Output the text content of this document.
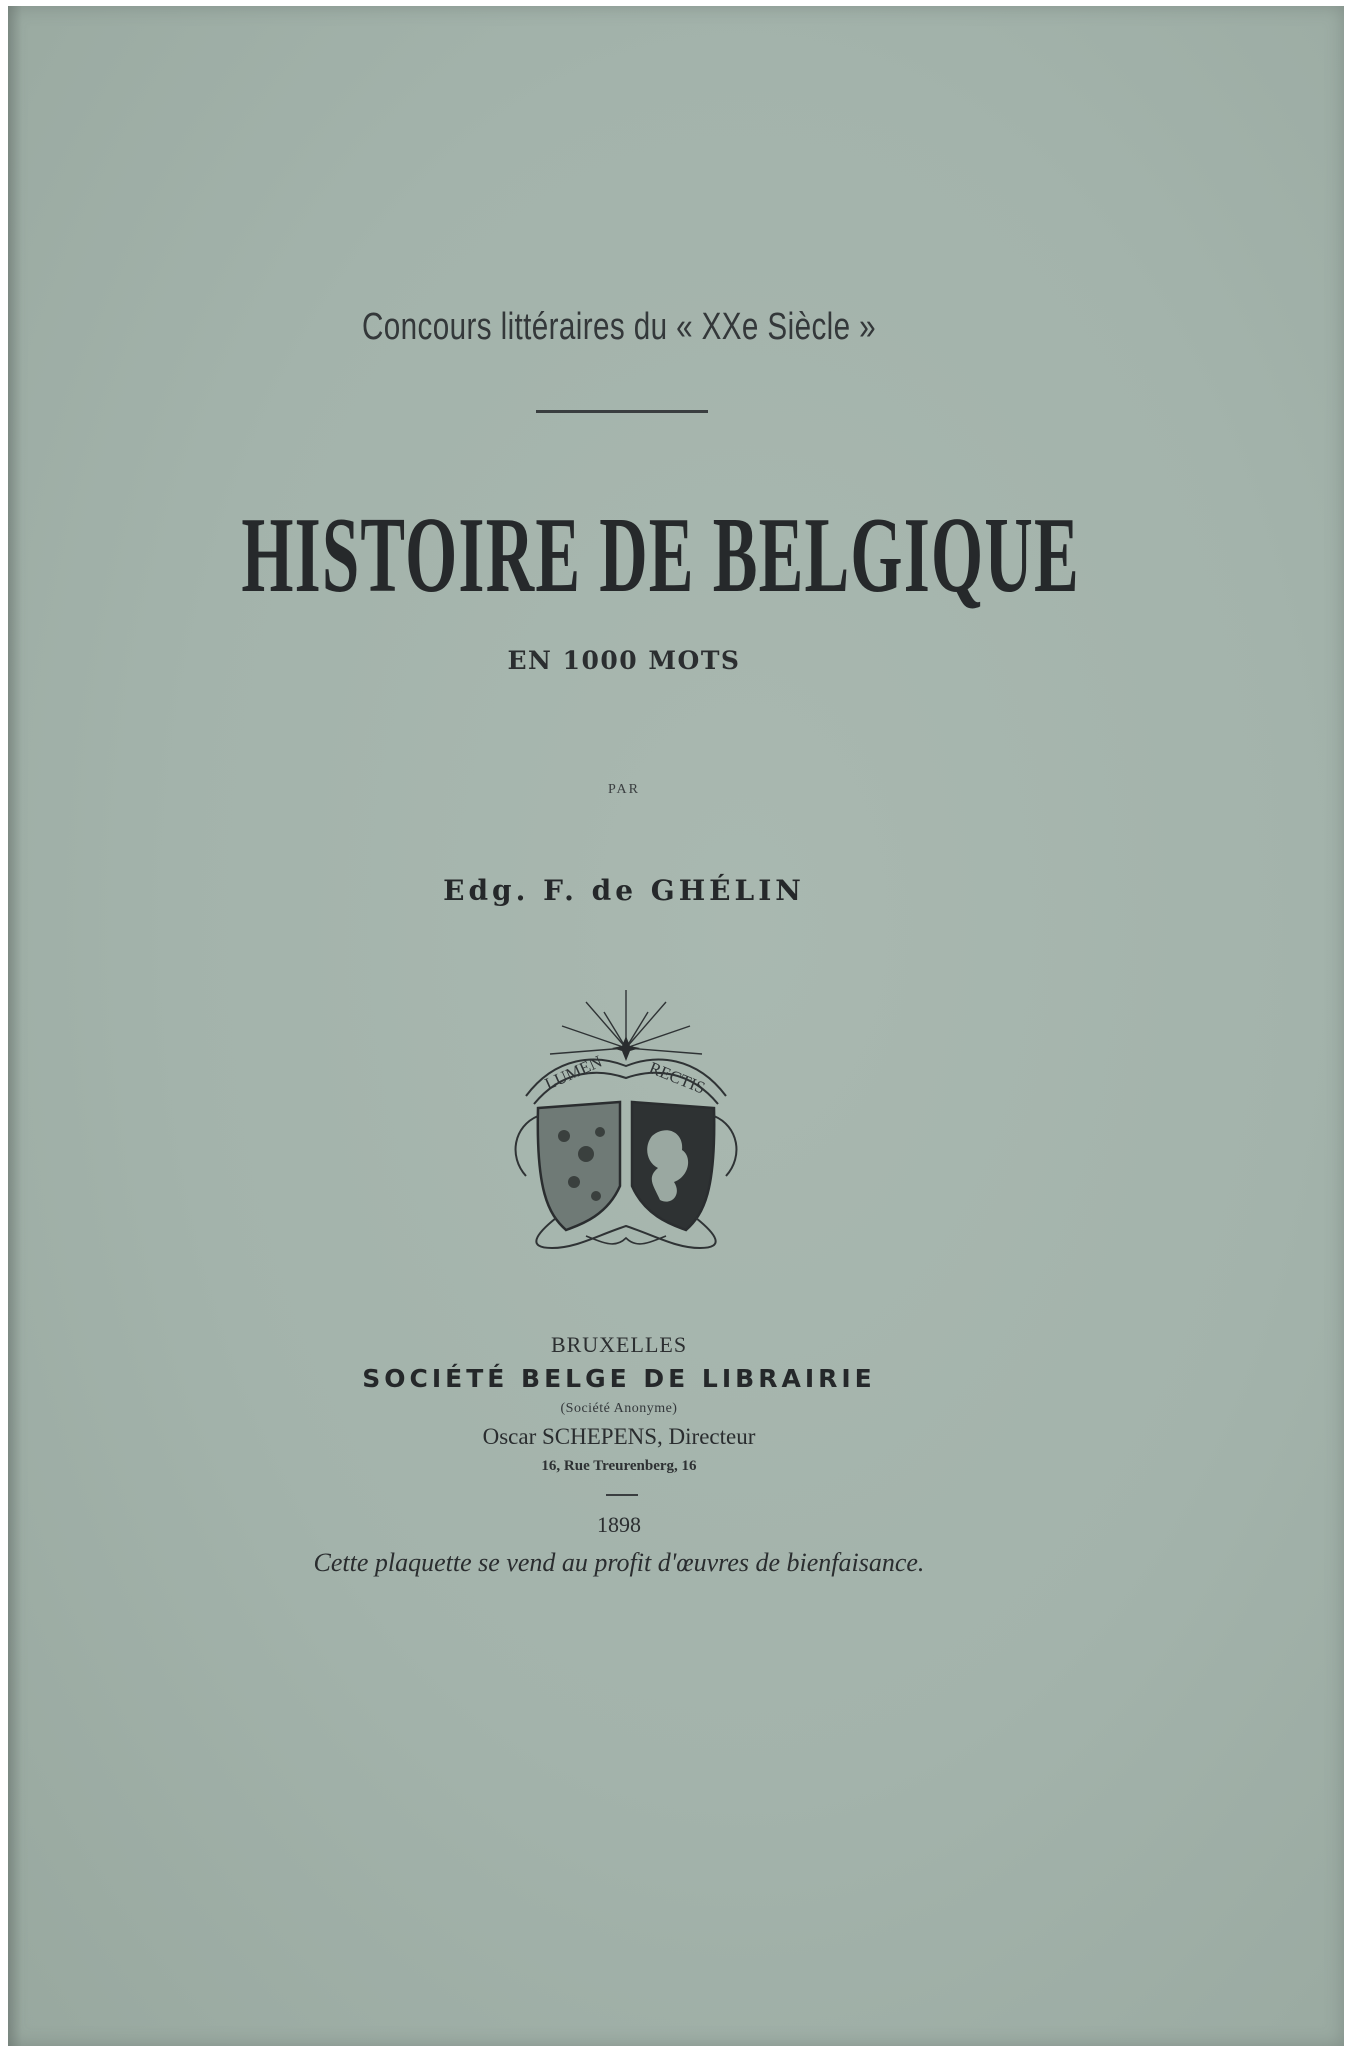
Concours littéraires du « XXe Siècle »
HISTOIRE DE BELGIQUE
EN 1000 MOTS
PAR
Edg. F. de GHÉLIN
LUMEN RECTIS
BRUXELLES
SOCIÉTÉ BELGE DE LIBRAIRIE
(Société Anonyme)
Oscar SCHEPENS, Directeur
16, Rue Treurenberg, 16
1898
Cette plaquette se vend au profit d'œuvres de bienfaisance.
